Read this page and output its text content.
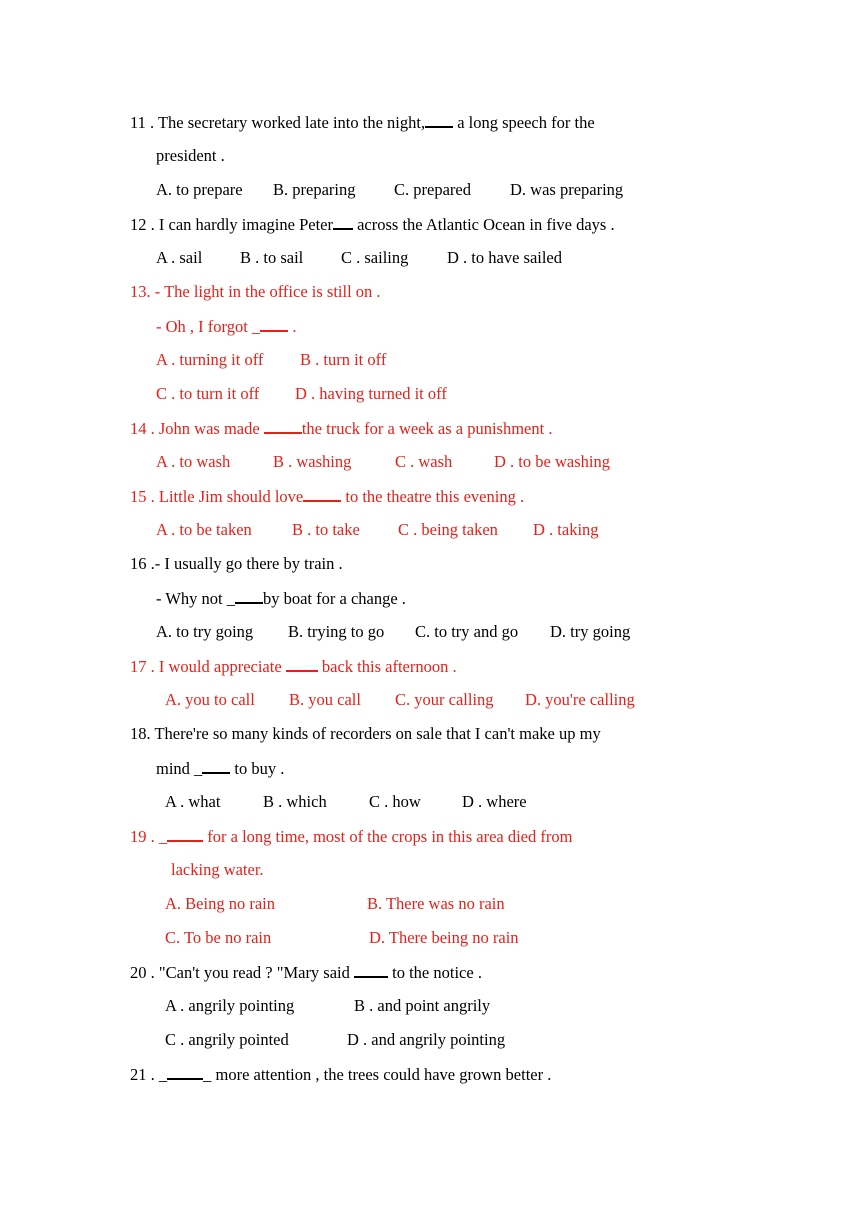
11 . The secretary worked late into the night, a long speech for the
president .
A. to prepare B. preparing C. prepared D. was preparing
12 . I can hardly imagine Peter across the Atlantic Ocean in five days .
A . sail B . to sail C . sailing D . to have sailed
13. - The light in the office is still on .
- Oh , I forgot _ .
A . turning it off B . turn it off
C . to turn it off D . having turned it off
14 . John was made the truck for a week as a punishment .
A . to wash	B . washing	C . wash	D . to be washing
15 . Little Jim should love to the theatre this evening .
A . to be taken B . to take C . being taken D . taking
16 .- I usually go there by train .
- Why not _ by boat for a change .
A. to try going B. trying to go C. to try and go D. try going
17 . I would appreciate  back this afternoon .
A. you to call B. you call C. your calling D. you're calling
18. There're so many kinds of recorders on sale that I can't make up my
mind _ to buy .
A . what	B . which	C . how D . where
19 . _ for a long time, most of the crops in this area died from
lacking water.
A. Being no rain	B. There was no rain
C. To be no rain	D. There being no rain
20 . "Can't you read ? "Mary said  to the notice .
A . angrily pointing	B . and point angrily
C . angrily pointed	D . and angrily pointing
21 . _ _ more attention , the trees could have grown better .
